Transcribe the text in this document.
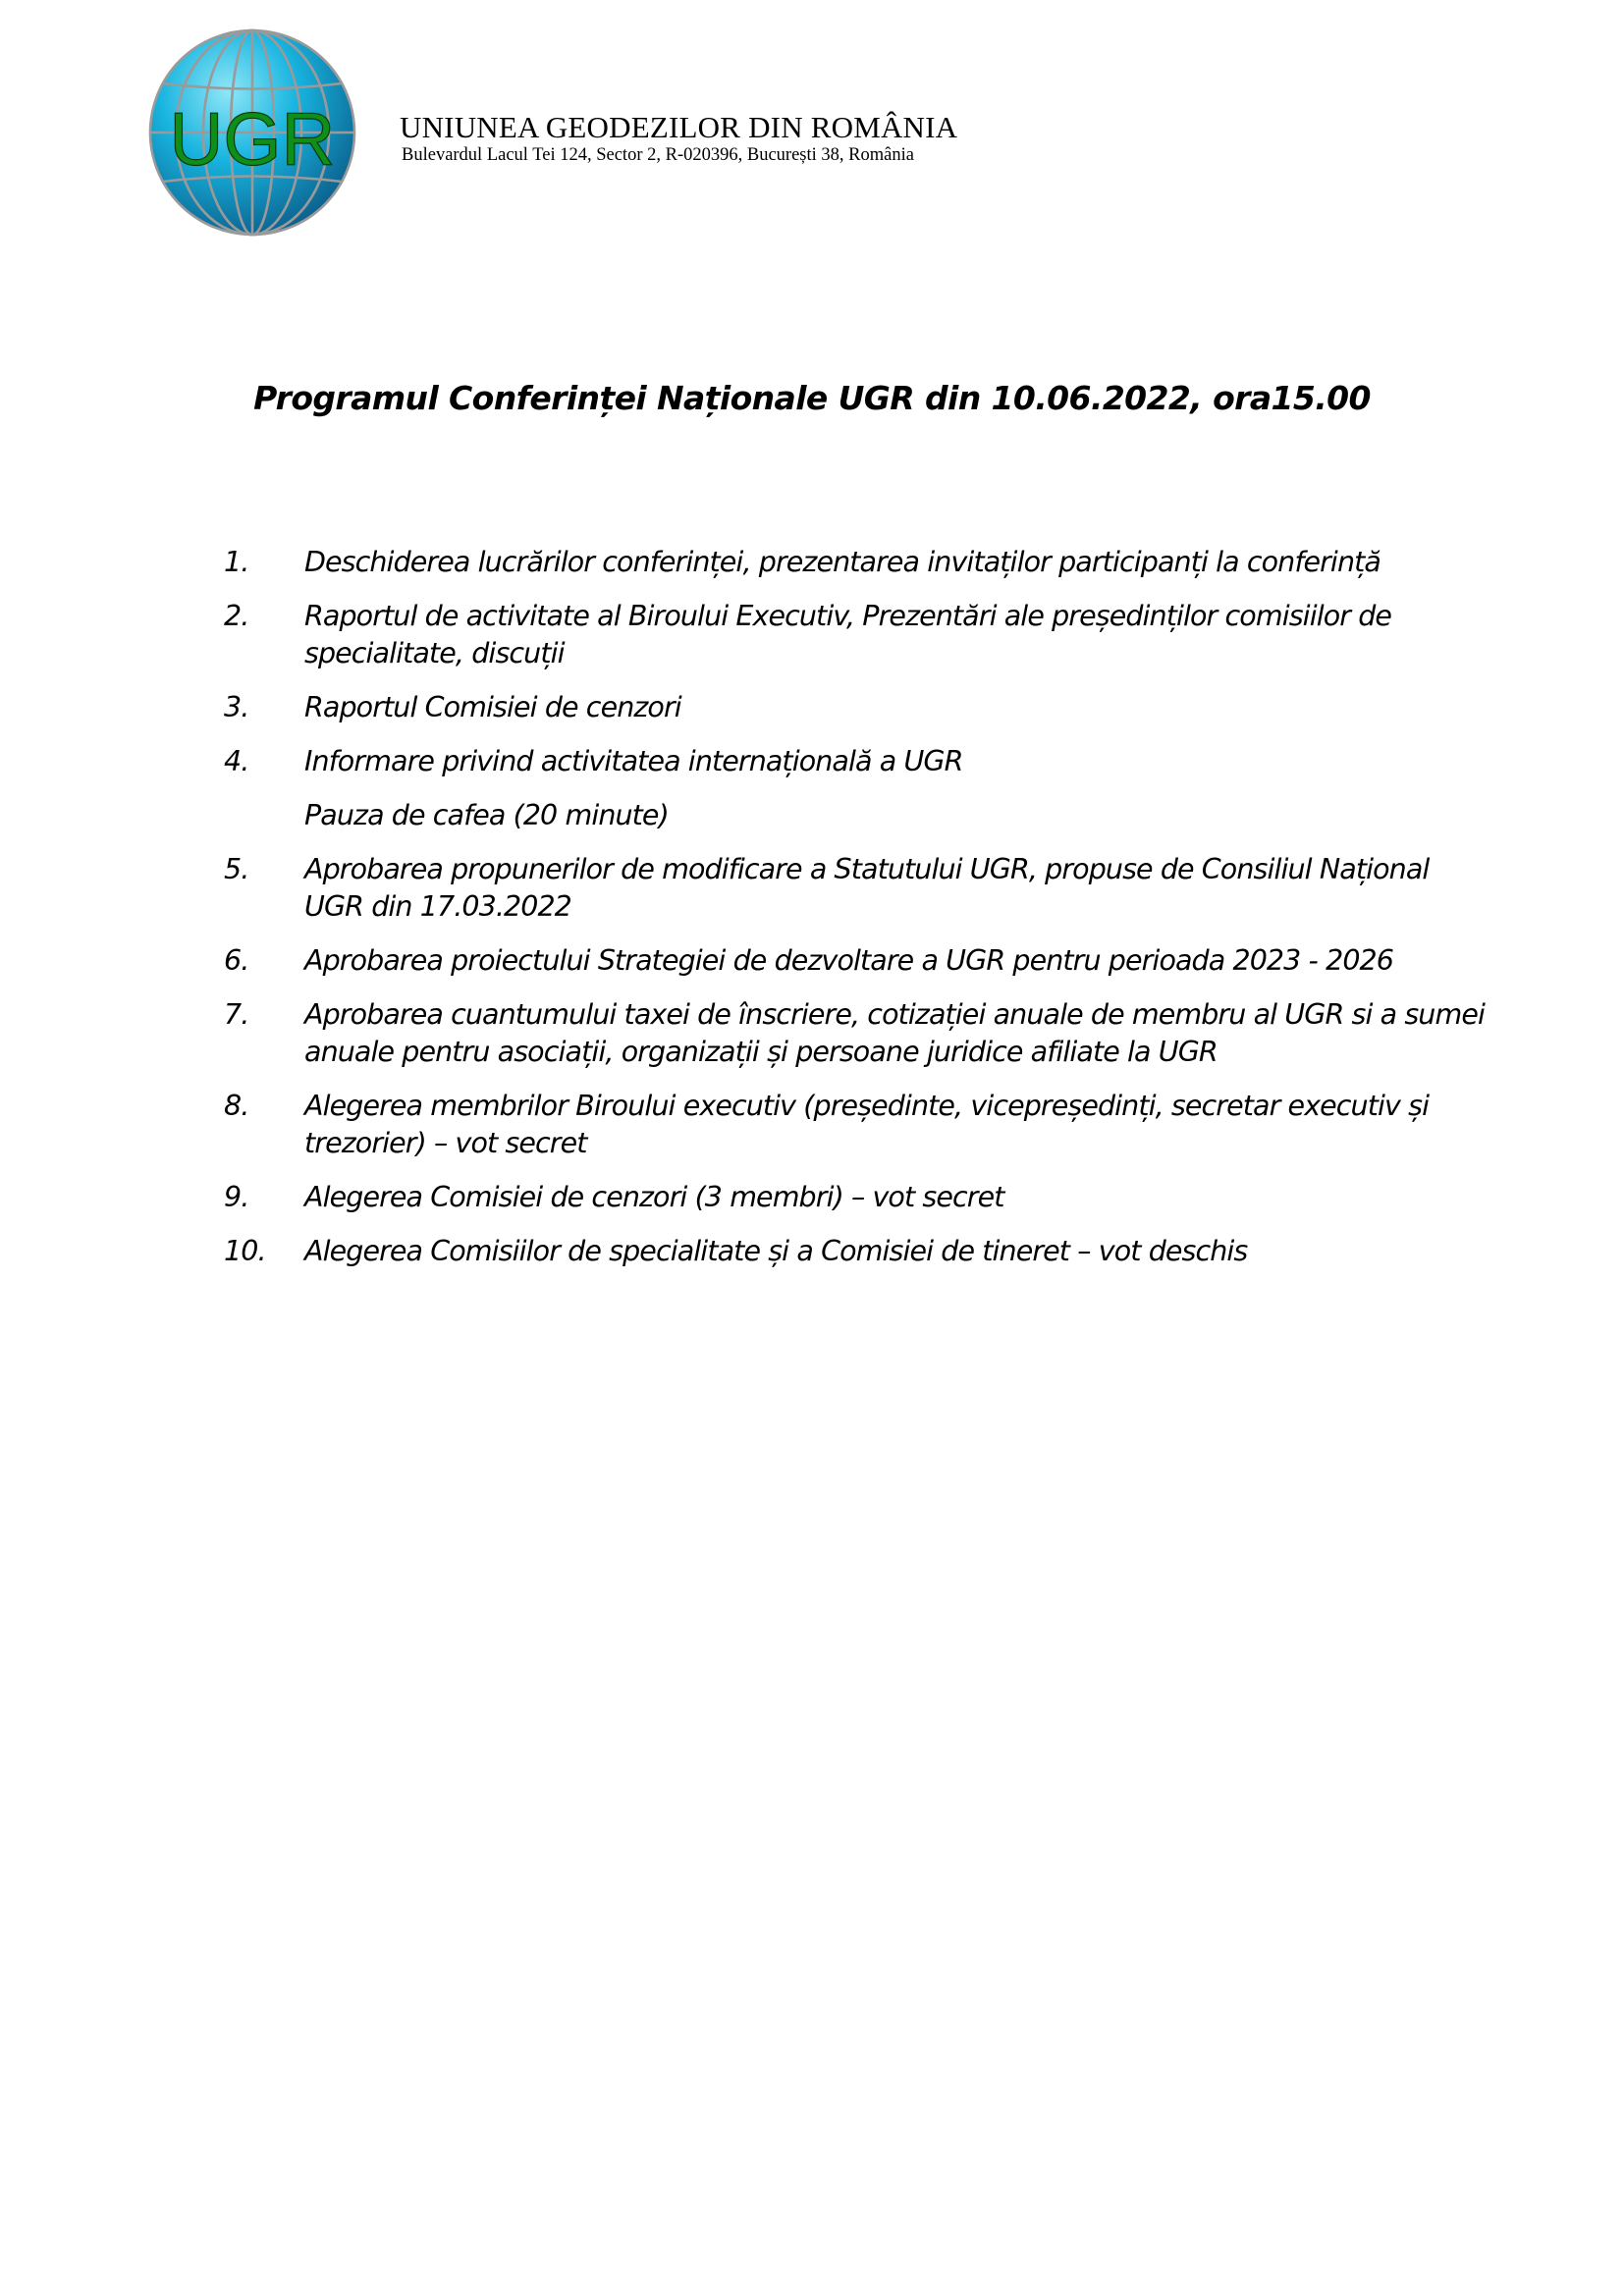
UGR UNIUNEA GEODEZILOR DIN ROMÂNIA
Bulevardul Lacul Tei 124, Sector 2, R-020396, București 38, România
Programul Conferinței Naționale UGR din 10.06.2022, ora15.00
1.	Deschiderea lucrărilor conferinței, prezentarea invitaților participanți la conferință
2.	Raportul de activitate al Biroului Executiv, Prezentări ale președinților comisiilor de specialitate, discuții
3.	Raportul Comisiei de cenzori
4.	Informare privind activitatea internațională a UGR
Pauza de cafea (20 minute)
5.	Aprobarea propunerilor de modificare a Statutului UGR, propuse de Consiliul Național UGR din 17.03.2022
6.	Aprobarea proiectului Strategiei de dezvoltare a UGR pentru perioada 2023 - 2026
7.	Aprobarea cuantumului taxei de înscriere, cotizației anuale de membru al UGR si a sumei anuale pentru asociații, organizații și persoane juridice afiliate la UGR
8.	Alegerea membrilor Biroului executiv (președinte, vicepreședinți, secretar executiv și trezorier) – vot secret
9.	Alegerea Comisiei de cenzori (3 membri) – vot secret
10.	Alegerea Comisiilor de specialitate și a Comisiei de tineret – vot deschis
